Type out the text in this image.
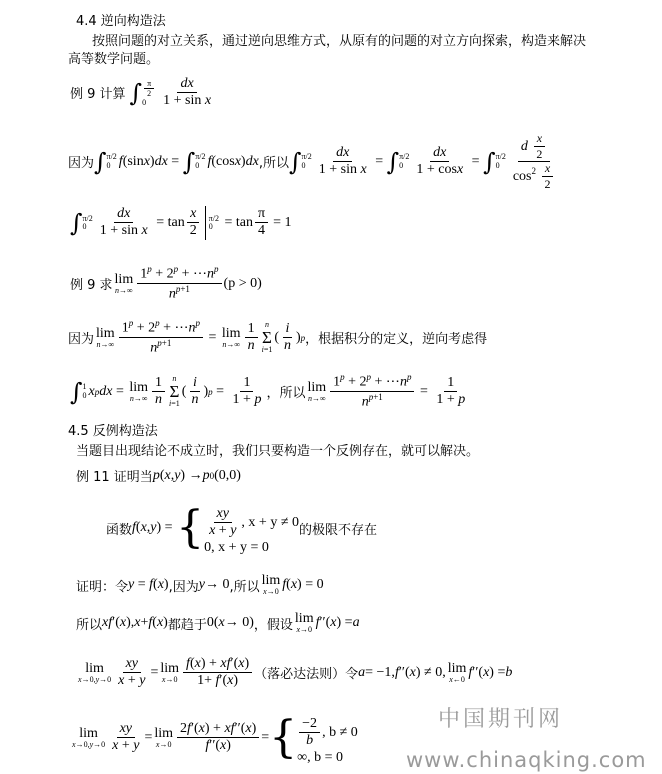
4.4 逆向构造法
按照问题的对立关系，通过逆向思维方式，从原有的问题的对立方向探索，构造来解决
高等数学问题。
例 9 计算 ∫ $\frac{\pi}{2}$
0	$\frac{dx}{\text{1 + sin x}}$
因为 ∫ π/2
0 f (sin x ) dx = ∫ π/2
0 f (cos x ) dx ,所以 ∫ π/2
$0 \frac{dx}{\text{1 + sin x}}$ = ∫ π/2
$0 \frac{dx}{1 + \cos x}$ = ∫ π/2
$0 \frac{d \frac{x}{2}}{\cos^2 \frac{x}{2}}$
∫ π/2
$0 \frac{dx}{\text{1 + sin x}} = \tan \frac{x}{2} \pi/2$
$0 = \tan \frac{\pi}{4} = 1$
例 9 求 lim
$n\to\infty \frac{1^p + 2^p + \cdots n^p}{n^{p+1}} (p > 0)$
因为 lim
$n\to\infty \frac{1^p + 2^p + \cdots n^p}{n^{p+1}} = \lim$
$n\to\infty \frac{1}{n}$ n
Σ
i=1
( $\frac{i}{n}$ ) p ，根据积分的定义，逆向考虑得
∫ 1
0 x p dx = lim
$n\to\infty \frac{1}{n}$ n
Σ
i=1
( $\frac{i}{n}$ ) $p = \frac{1}{1 + p}$ ，所以 lim
$n\to\infty \frac{1^p + 2^p + \cdots n^p}{n^{p+1}} = \frac{1}{1 + p}$
4.5 反例构造法
当题目出现结论不成立时，我们只要构造一个反例存在，就可以解决。
例 11 证明当 p ( x , y ) → p 0 (0,0)
函数 f ( x , y ) = { $\frac{xy}{x + y}$ , x + y ≠ 0
0, x + y = 0
的极限不存在
证明：令 y = f ( x ) ,因为 y → 0 ,所以 lim
x→0 f ( x ) = 0
所以 xf ′( x ), x + f ( x ) 都趋于 0( x → 0) ，假设 lim
x→0 f ′′( x ) = a
lim
$x\to 0,y\to 0 \frac{xy}{x + y} = \lim$
$x\to 0 \frac{f(x) + xf'(x)}{1+ f'(x)}$ （落必达法则）令 a = −1, f ′′( x ) ≠ 0, lim
x←0 f ′′( x ) = b
lim
$x\to 0,y\to 0 \frac{xy}{x + y} = \lim$
$x\to 0 \frac{2f'(x) + xf''(x)}{f''(x)}$ = { $\frac{-2}{b}$ , b ≠ 0
∞, b = 0
中国期刊网
www.chinaqking.com
